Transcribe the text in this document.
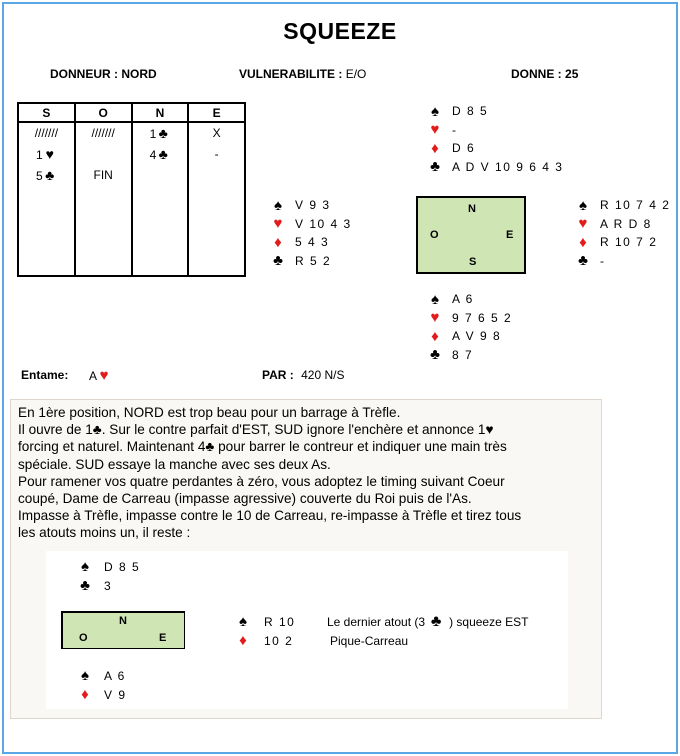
SQUEEZE
DONNEUR : NORD	VULNERABILITE : E/O	DONNE : 25
S	O	N	E
///////	///////	1 ♣	X
1 ♥		4 ♣	-
5 ♣	FIN		
♠ D 8 5
♥ -
♦ D 6
♣ A D V 10 9 6 4 3
♠ V 9 3
♥ V 10 4 3
♦ 5 4 3
♣ R 5 2
N
O	E
S
♠ R 10 7 4 2
♥ A R D 8
♦ R 10 7 2
♣ -
♠ A 6
♥ 9 7 6 5 2
♦ A V 9 8
♣ 8 7
Entame: A ♥	PAR : 420 N/S
En 1ère position, NORD est trop beau pour un barrage à Trèfle.
Il ouvre de 1♣. Sur le contre parfait d'EST, SUD ignore l'enchère et annonce 1♥
forcing et naturel. Maintenant 4♣ pour barrer le contreur et indiquer une main très
spéciale. SUD essaye la manche avec ses deux As.
Pour ramener vos quatre perdantes à zéro, vous adoptez le timing suivant Coeur
coupé, Dame de Carreau (impasse agressive) couverte du Roi puis de l'As.
Impasse à Trèfle, impasse contre le 10 de Carreau, re-impasse à Trèfle et tirez tous
les atouts moins un, il reste :
♠ D 8 5
♣ 3
N
O	E
♠ R 10
♦ 10 2
Le dernier atout (3 ♣ ) squeeze EST
Pique-Carreau
♠ A 6
♦ V 9
